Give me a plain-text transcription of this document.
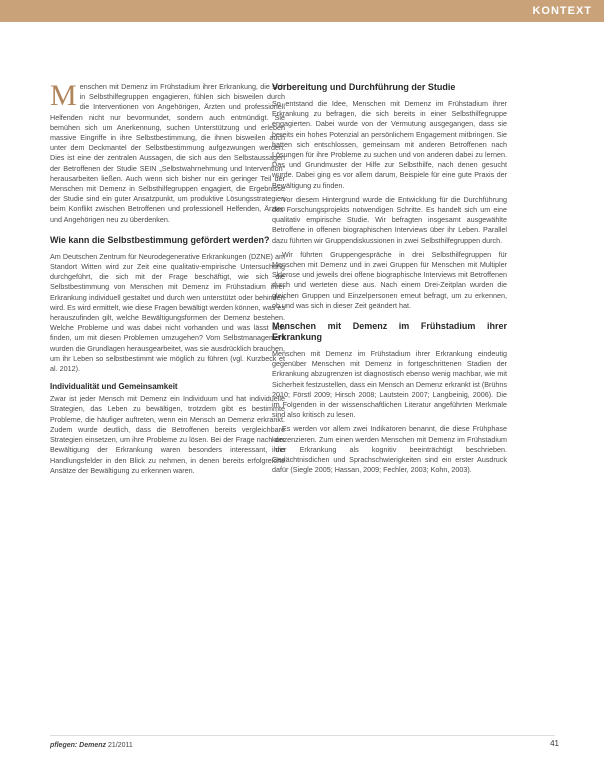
KONTEXT

Menschen mit Demenz im Frühstadium ihrer Erkrankung, die sich in Selbsthilfegruppen engagieren, fühlen sich bisweilen durch die Interventionen von Angehörigen, Ärzten und professionell Helfenden nicht nur bevormundet, sondern auch entmündigt. Sie bemühen sich um Anerkennung, suchen Unterstützung und erleben massive Eingriffe in ihre Selbstbestimmung, die ihnen bisweilen auch unter dem Deckmantel der Selbstbestimmung aufgezwungen werden. Dies ist eine der zentralen Aussagen, die sich aus den Selbstaussagen der Betroffenen der Studie SEIN „Selbstwahrnehmung und Intervention“ herausarbeiten ließen. Auch wenn sich bisher nur ein geringer Teil der Menschen mit Demenz in Selbsthilfegruppen engagiert, die Ergebnisse der Studie sind ein guter Ansatzpunkt, um produktive Lösungsstrategien beim Konflikt zwischen Betroffenen und professionell Helfenden, Ärzten und Angehörigen neu zu überdenken.

Wie kann die Selbstbestimmung gefördert werden?

Am Deutschen Zentrum für Neurodegenerative Erkrankungen (DZNE) am Standort Witten wird zur Zeit eine qualitativ-empirische Untersuchung durchgeführt, die sich mit der Frage beschäftigt, wie sich die Selbstbestimmung von Menschen mit Demenz im Frühstadium ihrer Erkrankung individuell gestaltet und durch wen unterstützt oder behindert wird. Es wird ermittelt, wie diese Fragen bewältigt werden können, was es herauszufinden gilt, welche Bewältigungsformen der Demenz bestehen. Welche Probleme und was dabei nicht vorhanden und was lässt sich finden, um mit diesen Problemen umzugehen? Vom Selbstmanagement wurden die Grundlagen herausgearbeitet, was sie ausdrücklich brauchen, um ihr Leben so selbstbestimmt wie möglich zu führen (vgl. Kurzbeck et al. 2012).

Individualität und Gemeinsamkeit

Zwar ist jeder Mensch mit Demenz ein Individuum und hat individuelle Strategien, das Leben zu bewältigen, trotzdem gibt es bestimmte Probleme, die häufiger auftreten, wenn ein Mensch an Demenz erkrankt. Zudem wurde deutlich, dass die Betroffenen bereits vergleichbare Strategien einsetzen, um ihre Probleme zu lösen. Bei der Frage nach der Bewältigung der Erkrankung waren besonders interessant, die Handlungsfelder in den Blick zu nehmen, in denen bereits erfolgreiche Ansätze der Bewältigung zu erkennen waren.

Vorbereitung und Durchführung der Studie

So entstand die Idee, Menschen mit Demenz im Frühstadium ihrer Erkrankung zu befragen, die sich bereits in einer Selbsthilfegruppe engagierten. Dabei wurde von der Vermutung ausgegangen, dass sie bereits ein hohes Potenzial an persönlichem Engagement mitbringen. Sie hatten sich entschlossen, gemeinsam mit anderen Betroffenen nach Lösungen für ihre Probleme zu suchen und von anderen dabei zu lernen. Das und Grundmuster der Hilfe zur Selbsthilfe, nach denen gesucht wurde. Dabei ging es vor allem darum, Beispiele für eine gute Praxis der Bewältigung zu finden.

Vor diesem Hintergrund wurde die Entwicklung für die Durchführung des Forschungsprojekts notwendigen Schritte. Es handelt sich um eine qualitativ empirische Studie. Wir befragten insgesamt ausgewählte Betroffene in offenen biographischen Interviews über ihr Leben. Parallel dazu führten wir Gruppendiskussionen in zwei Selbsthilfegruppen durch.

Wir führten Gruppengespräche in drei Selbsthilfegruppen für Menschen mit Demenz und in zwei Gruppen für Menschen mit Multipler Sklerose und jeweils drei offene biographische Interviews mit Betroffenen durch und werteten diese aus. Nach einem Drei-Zeitplan wurden die gleichen Gruppen und Einzelpersonen erneut befragt, um zu erkennen, ob und was sich in dieser Zeit geändert hat.

Menschen mit Demenz im Frühstadium ihrer Erkrankung

Menschen mit Demenz im Frühstadium ihrer Erkrankung eindeutig gegenüber Menschen mit Demenz in fortgeschrittenen Stadien der Erkrankung abzugrenzen ist diagnostisch ebenso wenig machbar, wie mit Sicherheit festzustellen, dass ein Mensch an Demenz erkrankt ist (Brühns 2010; Förstl 2009; Hirsch 2008; Lautstein 2007; Langbeinig, 2006). Die im Folgenden in der wissenschaftlichen Literatur angeführten Merkmale sind also kritisch zu lesen.

Es werden vor allem zwei Indikatoren benannt, die diese Frühphase konzenzieren. Zum einen werden Menschen mit Demenz im Frühstadium ihrer Erkrankung als kognitiv beeinträchtigt beschrieben. Gedächtnisdichen und Sprachschwierigkeiten sind ein erster Ausdruck dafür (Siegle 2005; Hassan, 2009; Fechler, 2003; Kohn, 2003).

pflegen: Demenz 21/2011	41
